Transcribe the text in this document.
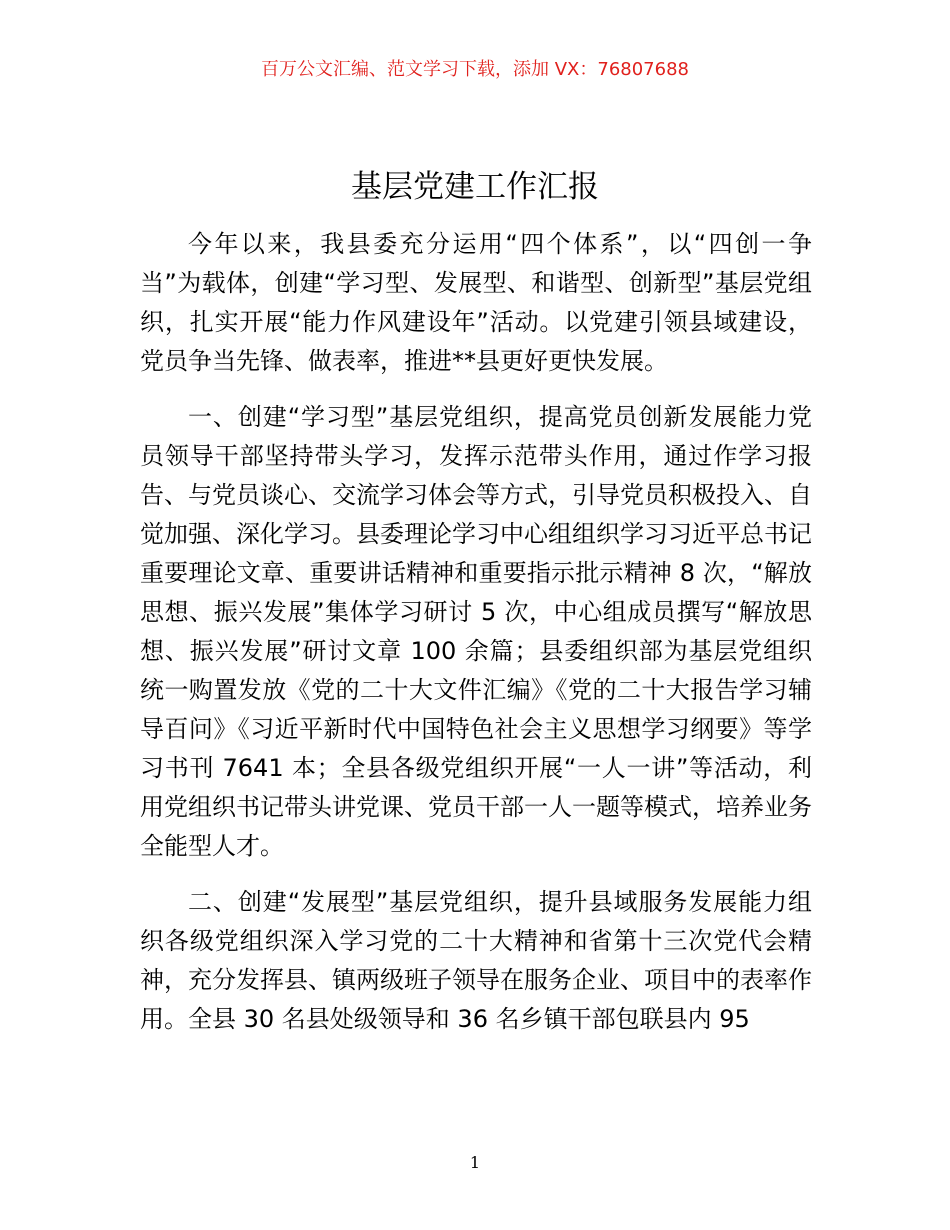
百万公文汇编、范文学习下载，添加 VX：76807688
基层党建工作汇报

今年以来，我县委充分运用“四个体系”，以“四创一争当”为载体，创建“学习型、发展型、和谐型、创新型”基层党组织，扎实开展“能力作风建设年”活动。以党建引领县域建设，党员争当先锋、做表率，推进**县更好更快发展。

一、创建“学习型”基层党组织，提高党员创新发展能力党员领导干部坚持带头学习，发挥示范带头作用，通过作学习报告、与党员谈心、交流学习体会等方式，引导党员积极投入、自觉加强、深化学习。县委理论学习中心组组织学习习近平总书记重要理论文章、重要讲话精神和重要指示批示精神 8 次，“解放思想、振兴发展”集体学习研讨 5 次，中心组成员撰写“解放思想、振兴发展”研讨文章 100 余篇；县委组织部为基层党组织统一购置发放《党的二十大文件汇编》《党的二十大报告学习辅导百问》《习近平新时代中国特色社会主义思想学习纲要》等学习书刊 7641 本；全县各级党组织开展“一人一讲”等活动，利用党组织书记带头讲党课、党员干部一人一题等模式，培养业务全能型人才。

二、创建“发展型”基层党组织，提升县域服务发展能力组织各级党组织深入学习党的二十大精神和省第十三次党代会精神，充分发挥县、镇两级班子领导在服务企业、项目中的表率作用。全县 30 名县处级领导和 36 名乡镇干部包联县内 95

1
